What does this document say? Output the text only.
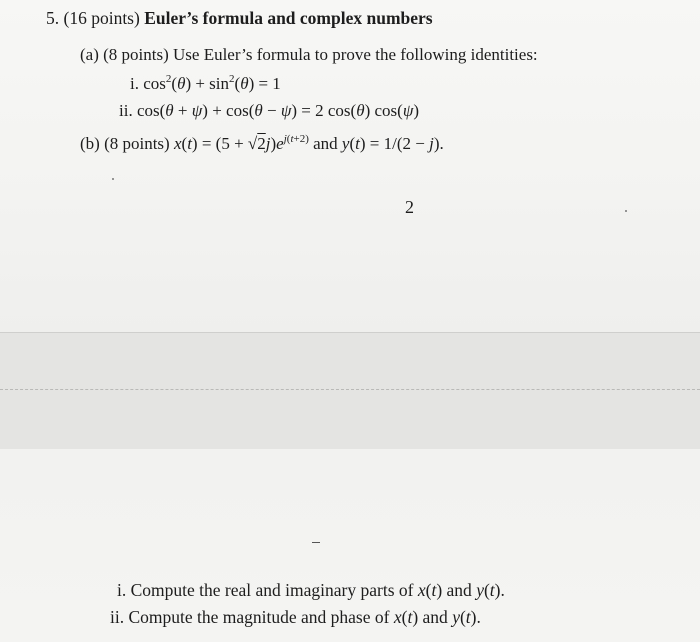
5. (16 points) Euler’s formula and complex numbers
(a) (8 points) Use Euler’s formula to prove the following identities:
i. $\cos^2(\theta) + \sin^2(\theta) = 1$
ii. cos(θ + ψ) + cos(θ − ψ) = 2 cos(θ) cos(ψ)
(b) (8 points) $x(t) = (5 + √2j)e^{j(t+2)}$ and y(t) = 1/(2 − j).
2
i. Compute the real and imaginary parts of x(t) and y(t).
ii. Compute the magnitude and phase of x(t) and y(t).
